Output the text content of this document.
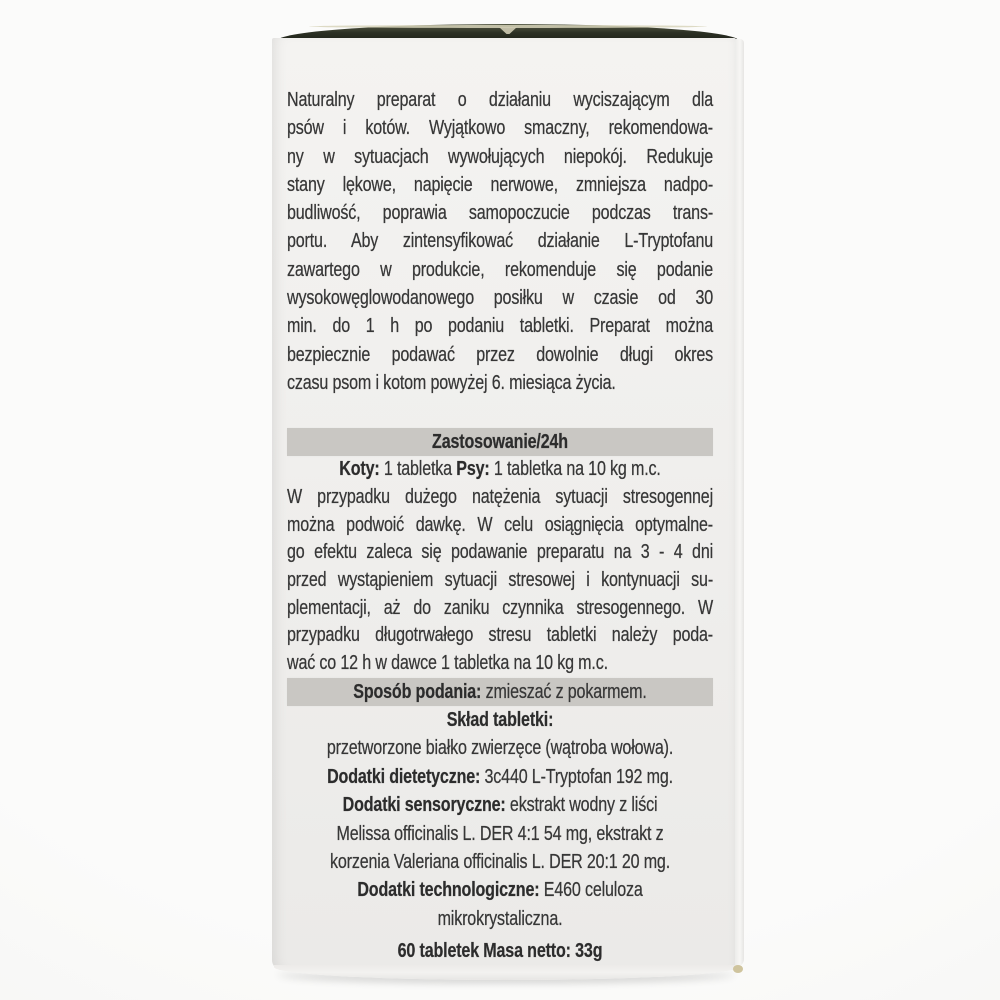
Naturalny preparat o działaniu wyciszającym dla
psów i kotów. Wyjątkowo smaczny, rekomendowa-
ny w sytuacjach wywołujących niepokój. Redukuje
stany lękowe, napięcie nerwowe, zmniejsza nadpo-
budliwość, poprawia samopoczucie podczas trans-
portu. Aby zintensyfikować działanie L-Tryptofanu
zawartego w produkcie, rekomenduje się podanie
wysokowęglowodanowego posiłku w czasie od 30
min. do 1 h po podaniu tabletki. Preparat można
bezpiecznie podawać przez dowolnie długi okres
czasu psom i kotom powyżej 6. miesiąca życia.
Zastosowanie/24h
Koty: 1 tabletka Psy: 1 tabletka na 10 kg m.c.
W przypadku dużego natężenia sytuacji stresogennej
można podwoić dawkę. W celu osiągnięcia optymalne-
go efektu zaleca się podawanie preparatu na 3 - 4 dni
przed wystąpieniem sytuacji stresowej i kontynuacji su-
plementacji, aż do zaniku czynnika stresogennego. W
przypadku długotrwałego stresu tabletki należy poda-
wać co 12 h w dawce 1 tabletka na 10 kg m.c.
Sposób podania: zmieszać z pokarmem.
Skład tabletki:
przetworzone białko zwierzęce (wątroba wołowa).
Dodatki dietetyczne: 3c440 L-Tryptofan 192 mg.
Dodatki sensoryczne: ekstrakt wodny z liści
Melissa officinalis L. DER 4:1 54 mg, ekstrakt z
korzenia Valeriana officinalis L. DER 20:1 20 mg.
Dodatki technologiczne: E460 celuloza
mikrokrystaliczna.
60 tabletek Masa netto: 33g
